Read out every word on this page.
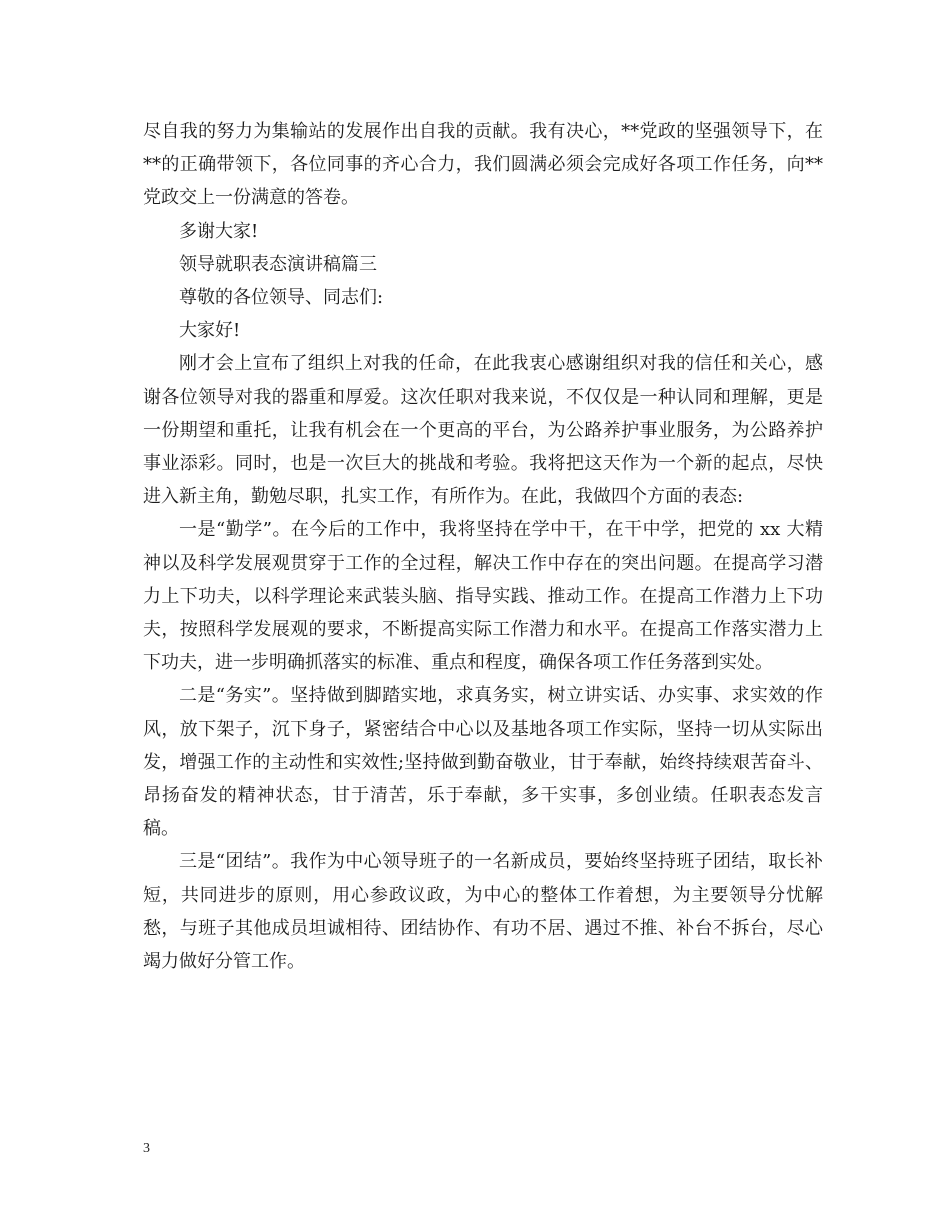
尽自我的努力为集输站的发展作出自我的贡献。我有决心，**党政的坚强领导下，在**的正确带领下，各位同事的齐心合力，我们圆满必须会完成好各项工作任务，向**党政交上一份满意的答卷。

多谢大家!

领导就职表态演讲稿篇三

尊敬的各位领导、同志们:

大家好!

刚才会上宣布了组织上对我的任命，在此我衷心感谢组织对我的信任和关心，感谢各位领导对我的器重和厚爱。这次任职对我来说，不仅仅是一种认同和理解，更是一份期望和重托，让我有机会在一个更高的平台，为公路养护事业服务，为公路养护事业添彩。同时，也是一次巨大的挑战和考验。我将把这天作为一个新的起点，尽快进入新主角，勤勉尽职，扎实工作，有所作为。在此，我做四个方面的表态:

一是“勤学”。在今后的工作中，我将坚持在学中干，在干中学，把党的 xx 大精神以及科学发展观贯穿于工作的全过程，解决工作中存在的突出问题。在提高学习潜力上下功夫，以科学理论来武装头脑、指导实践、推动工作。在提高工作潜力上下功夫，按照科学发展观的要求，不断提高实际工作潜力和水平。在提高工作落实潜力上下功夫，进一步明确抓落实的标准、重点和程度，确保各项工作任务落到实处。

二是“务实”。坚持做到脚踏实地，求真务实，树立讲实话、办实事、求实效的作风，放下架子，沉下身子，紧密结合中心以及基地各项工作实际，坚持一切从实际出发，增强工作的主动性和实效性;坚持做到勤奋敬业，甘于奉献，始终持续艰苦奋斗、昂扬奋发的精神状态，甘于清苦，乐于奉献，多干实事，多创业绩。任职表态发言稿。

三是“团结”。我作为中心领导班子的一名新成员，要始终坚持班子团结，取长补短，共同进步的原则，用心参政议政，为中心的整体工作着想，为主要领导分忧解愁，与班子其他成员坦诚相待、团结协作、有功不居、遇过不推、补台不拆台，尽心竭力做好分管工作。

3
